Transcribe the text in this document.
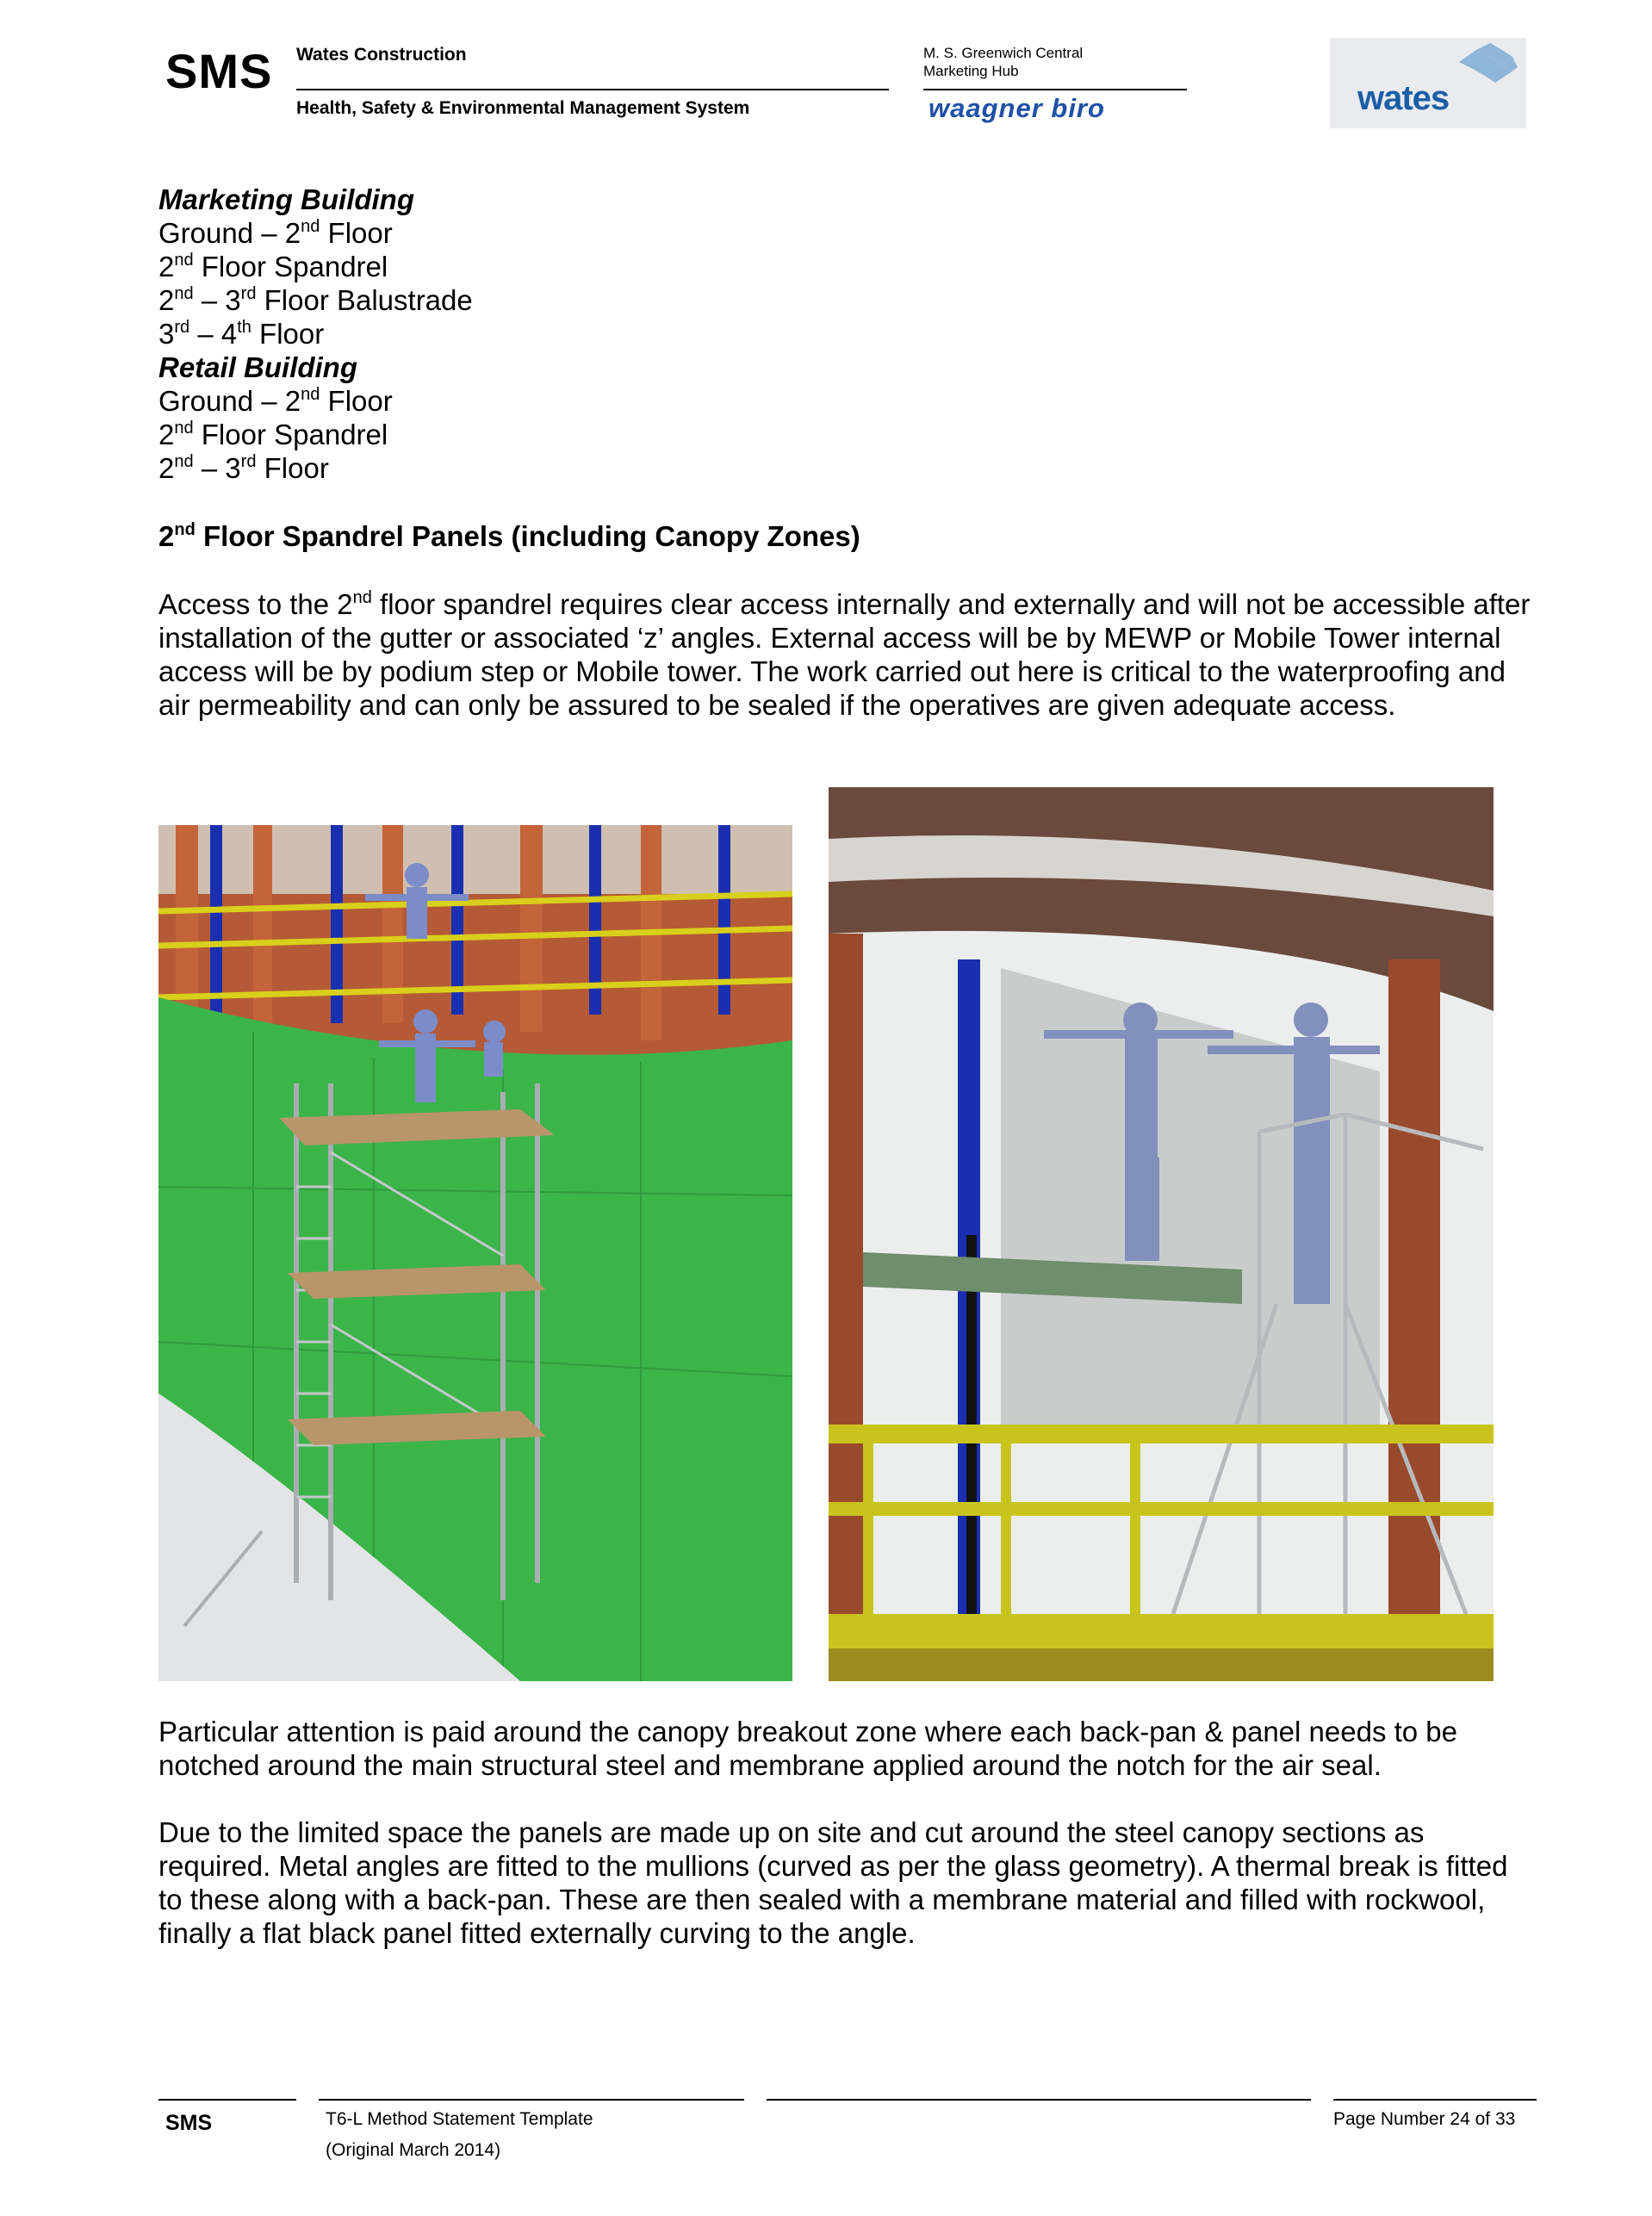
SMS Wates Construction
Health, Safety & Environmental Management System
M. S. Greenwich Central
Marketing Hub
waagner biro	wates
Marketing Building
Ground – 2nd Floor
2nd Floor Spandrel
2nd – 3rd Floor Balustrade
3rd – 4th Floor
Retail Building
Ground – 2nd Floor
2nd Floor Spandrel
2nd – 3rd Floor
2nd Floor Spandrel Panels (including Canopy Zones)
Access to the 2nd floor spandrel requires clear access internally and externally and will not be accessible after installation of the gutter or associated ‘z’ angles. External access will be by MEWP or Mobile Tower internal access will be by podium step or Mobile tower. The work carried out here is critical to the waterproofing and air permeability and can only be assured to be sealed if the operatives are given adequate access.
Particular attention is paid around the canopy breakout zone where each back-pan & panel needs to be notched around the main structural steel and membrane applied around the notch for the air seal.
Due to the limited space the panels are made up on site and cut around the steel canopy sections as required. Metal angles are fitted to the mullions (curved as per the glass geometry). A thermal break is fitted to these along with a back-pan. These are then sealed with a membrane material and filled with rockwool, finally a flat black panel fitted externally curving to the angle.
SMS	T6-L Method Statement Template
(Original March 2014)
Page Number 24 of 33
